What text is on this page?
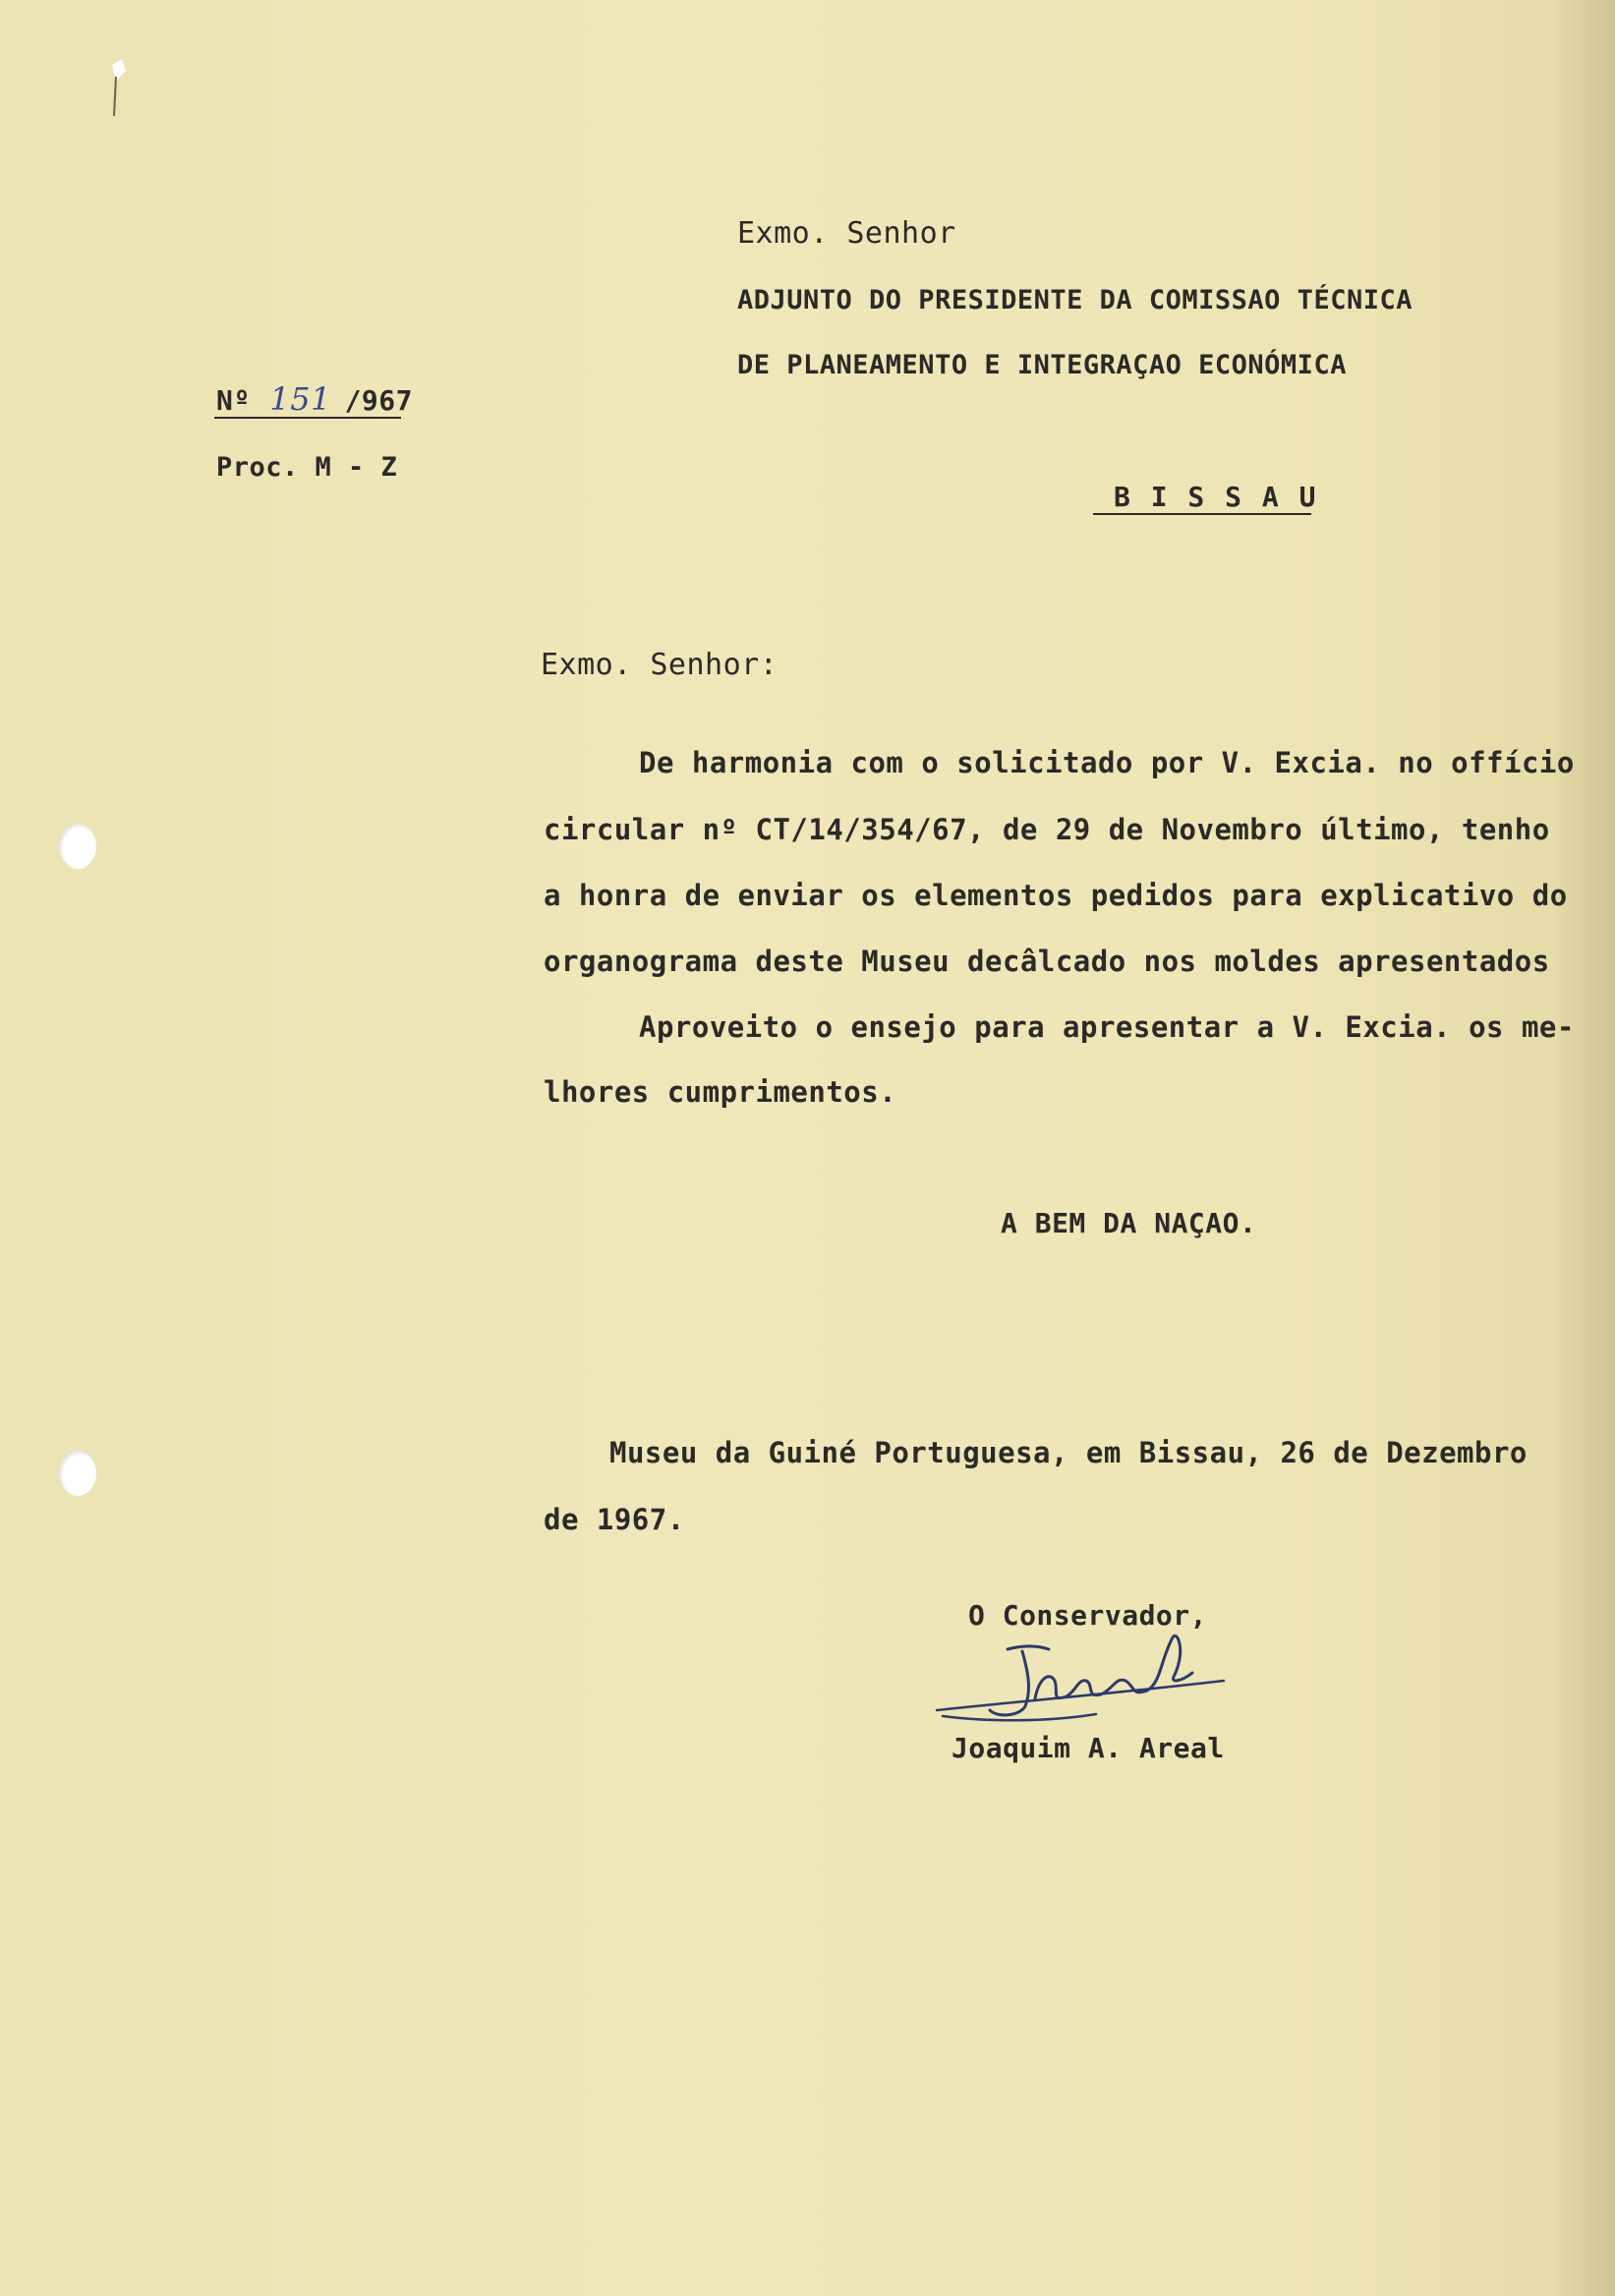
Exmo. Senhor
ADJUNTO DO PRESIDENTE DA COMISSAO TÉCNICA
DE PLANEAMENTO E INTEGRAÇAO ECONÓMICA
B I S S A U
Nº 151 /967
Proc. M - Z
Exmo. Senhor:
De harmonia com o solicitado por V. Excia. no offício
circular nº CT/14/354/67, de 29 de Novembro último, tenho
a honra de enviar os elementos pedidos para explicativo do
organograma deste Museu decâlcado nos moldes apresentados
Aproveito o ensejo para apresentar a V. Excia. os me-
lhores cumprimentos.
A BEM DA NAÇAO.
Museu da Guiné Portuguesa, em Bissau, 26 de Dezembro
de 1967.
O Conservador,
Joaquim A. Areal
